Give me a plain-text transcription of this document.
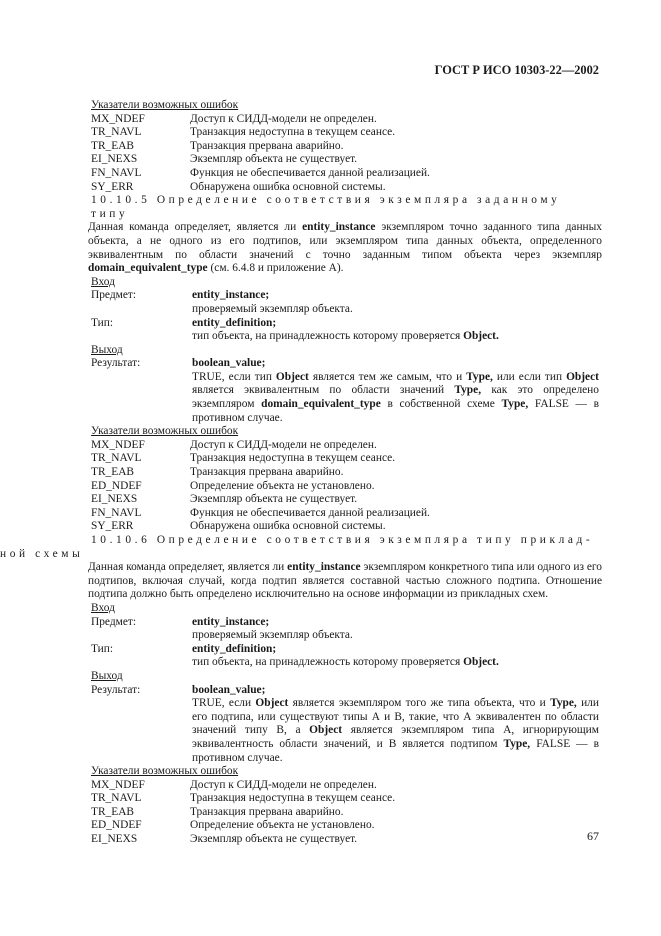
ГОСТ Р ИСО 10303-22—2002
Указатели возможных ошибок
MX_NDEF	Доступ к СИДД-модели не определен.
TR_NAVL	Транзакция недоступна в текущем сеансе.
TR_EAB	Транзакция прервана аварийно.
EI_NEXS	Экземпляр объекта не существует.
FN_NAVL	Функция не обеспечивается данной реализацией.
SY_ERR	Обнаружена ошибка основной системы.
10.10.5 Определение соответствия экземпляра заданному типу
Данная команда определяет, является ли entity_instance экземпляром точно заданного типа данных объекта, а не одного из его подтипов, или экземпляром типа данных объекта, определенного эквивалентным по области значений с точно заданным типом объекта через экземпляр domain_equivalent_type (см. 6.4.8 и приложение А).
Вход
Предмет:	entity_instance;
проверяемый экземпляр объекта.
Тип:	entity_definition;
тип объекта, на принадлежность которому проверяется Object.
Выход
Результат:	boolean_value;
TRUE, если тип Object является тем же самым, что и Type, или если тип Object является эквивалентным по области значений Type, как это определено экземпляром domain_equivalent_type в собственной схеме Type, FALSE — в противном случае.
Указатели возможных ошибок
MX_NDEF	Доступ к СИДД-модели не определен.
TR_NAVL	Транзакция недоступна в текущем сеансе.
TR_EAB	Транзакция прервана аварийно.
ED_NDEF	Определение объекта не установлено.
EI_NEXS	Экземпляр объекта не существует.
FN_NAVL	Функция не обеспечивается данной реализацией.
SY_ERR	Обнаружена ошибка основной системы.
10.10.6 Определение соответствия экземпляра типу приклад-
ной схемы
Данная команда определяет, является ли entity_instance экземпляром конкретного типа или одного из его подтипов, включая случай, когда подтип является составной частью сложного подтипа. Отношение подтипа должно быть определено исключительно на основе информации из прикладных схем.
Вход
Предмет:	entity_instance;
проверяемый экземпляр объекта.
Тип:	entity_definition;
тип объекта, на принадлежность которому проверяется Object.
Выход
Результат:	boolean_value;
TRUE, если Object является экземпляром того же типа объекта, что и Type, или его подтипа, или существуют типы А и В, такие, что А эквивалентен по области значений типу В, а Object является экземпляром типа А, игнорирующим эквивалентность области значений, и В является подтипом Type, FALSE — в противном случае.
Указатели возможных ошибок
MX_NDEF	Доступ к СИДД-модели не определен.
TR_NAVL	Транзакция недоступна в текущем сеансе.
TR_EAB	Транзакция прервана аварийно.
ED_NDEF	Определение объекта не установлено.
EI_NEXS	Экземпляр объекта не существует.	67
